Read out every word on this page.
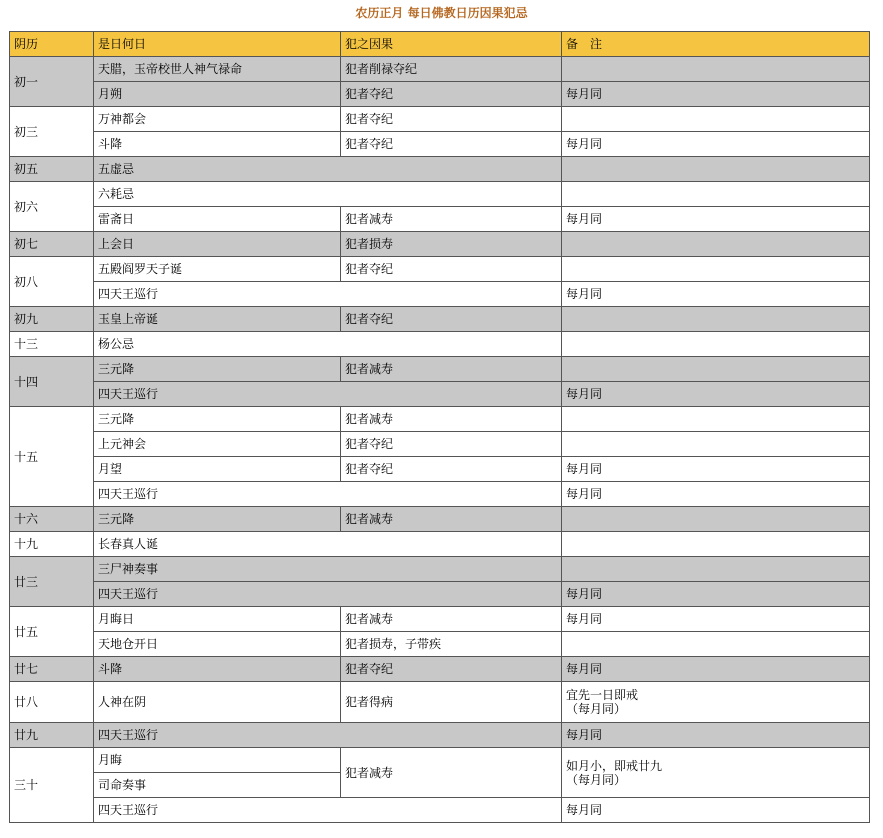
农历正月 每日佛教日历因果犯忌
阴历	是日何日	犯之因果	备　注
初一	天腊，玉帝校世人神气禄命	犯者削禄夺纪	
	月朔	犯者夺纪	每月同
初三	万神都会	犯者夺纪	
	斗降	犯者夺纪	每月同
初五	五虚忌		
初六	六耗忌		
	雷斋日	犯者减寿	每月同
初七	上会日	犯者损寿	
初八	五殿阎罗天子诞	犯者夺纪	
	四天王巡行		每月同
初九	玉皇上帝诞	犯者夺纪	
十三	杨公忌		
十四	三元降	犯者减寿	
	四天王巡行		每月同
十五	三元降	犯者减寿	
	上元神会	犯者夺纪	
	月望	犯者夺纪	每月同
	四天王巡行		每月同
十六	三元降	犯者减寿	
十九	长春真人诞		
廿三	三尸神奏事		
	四天王巡行		每月同
廿五	月晦日	犯者减寿	每月同
	天地仓开日	犯者损寿，子带疾	
廿七	斗降	犯者夺纪	每月同
廿八	人神在阴	犯者得病	宜先一日即戒
（每月同）

廿九	四天王巡行		每月同
三十	月晦	犯者减寿	如月小，即戒廿九
（每月同）

	司命奏事		
	四天王巡行		每月同
